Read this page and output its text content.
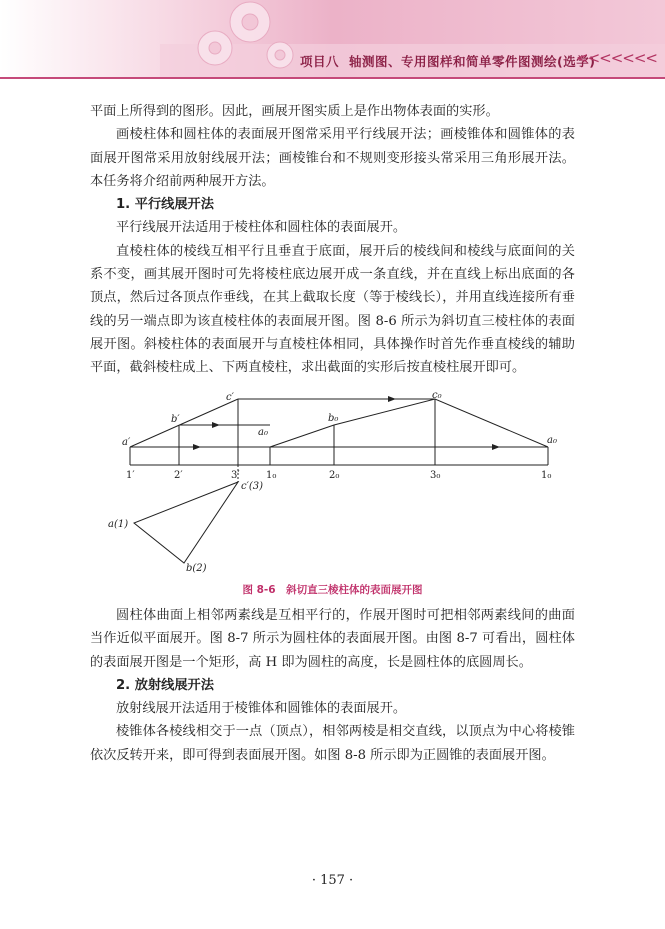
项目八 轴测图、专用图样和简单零件图测绘(选学)
<<<<<<<

平面上所得到的图形。因此，画展开图实质上是作出物体表面的实形。

画棱柱体和圆柱体的表面展开图常采用平行线展开法；画棱锥体和圆锥体的表面展开图常采用放射线展开法；画棱锥台和不规则变形接头常采用三角形展开法。本任务将介绍前两种展开方法。

1. 平行线展开法

平行线展开法适用于棱柱体和圆柱体的表面展开。

直棱柱体的棱线互相平行且垂直于底面，展开后的棱线间和棱线与底面间的关系不变，画其展开图时可先将棱柱底边展开成一条直线，并在直线上标出底面的各顶点，然后过各顶点作垂线，在其上截取长度（等于棱线长），并用直线连接所有垂线的另一端点即为该直棱柱体的表面展开图。图 8-6 所示为斜切直三棱柱体的表面展开图。斜棱柱体的表面展开与直棱柱体相同，具体操作时首先作垂直棱线的辅助平面，截斜棱柱成上、下两直棱柱，求出截面的实形后按直棱柱展开即可。

a′
b′
c′
1′	2′	3′
a₀
b₀
c₀
a₀
1₀	2₀	3₀	1₀
c′(3)
a(1)
b(2)
图 8-6　斜切直三棱柱体的表面展开图

圆柱体曲面上相邻两素线是互相平行的，作展开图时可把相邻两素线间的曲面当作近似平面展开。图 8-7 所示为圆柱体的表面展开图。由图 8-7 可看出，圆柱体的表面展开图是一个矩形，高 H 即为圆柱的高度，长是圆柱体的底圆周长。

2. 放射线展开法

放射线展开法适用于棱锥体和圆锥体的表面展开。

棱锥体各棱线相交于一点（顶点），相邻两棱是相交直线，以顶点为中心将棱锥依次反转开来，即可得到表面展开图。如图 8-8 所示即为正圆锥的表面展开图。

· 157 ·
